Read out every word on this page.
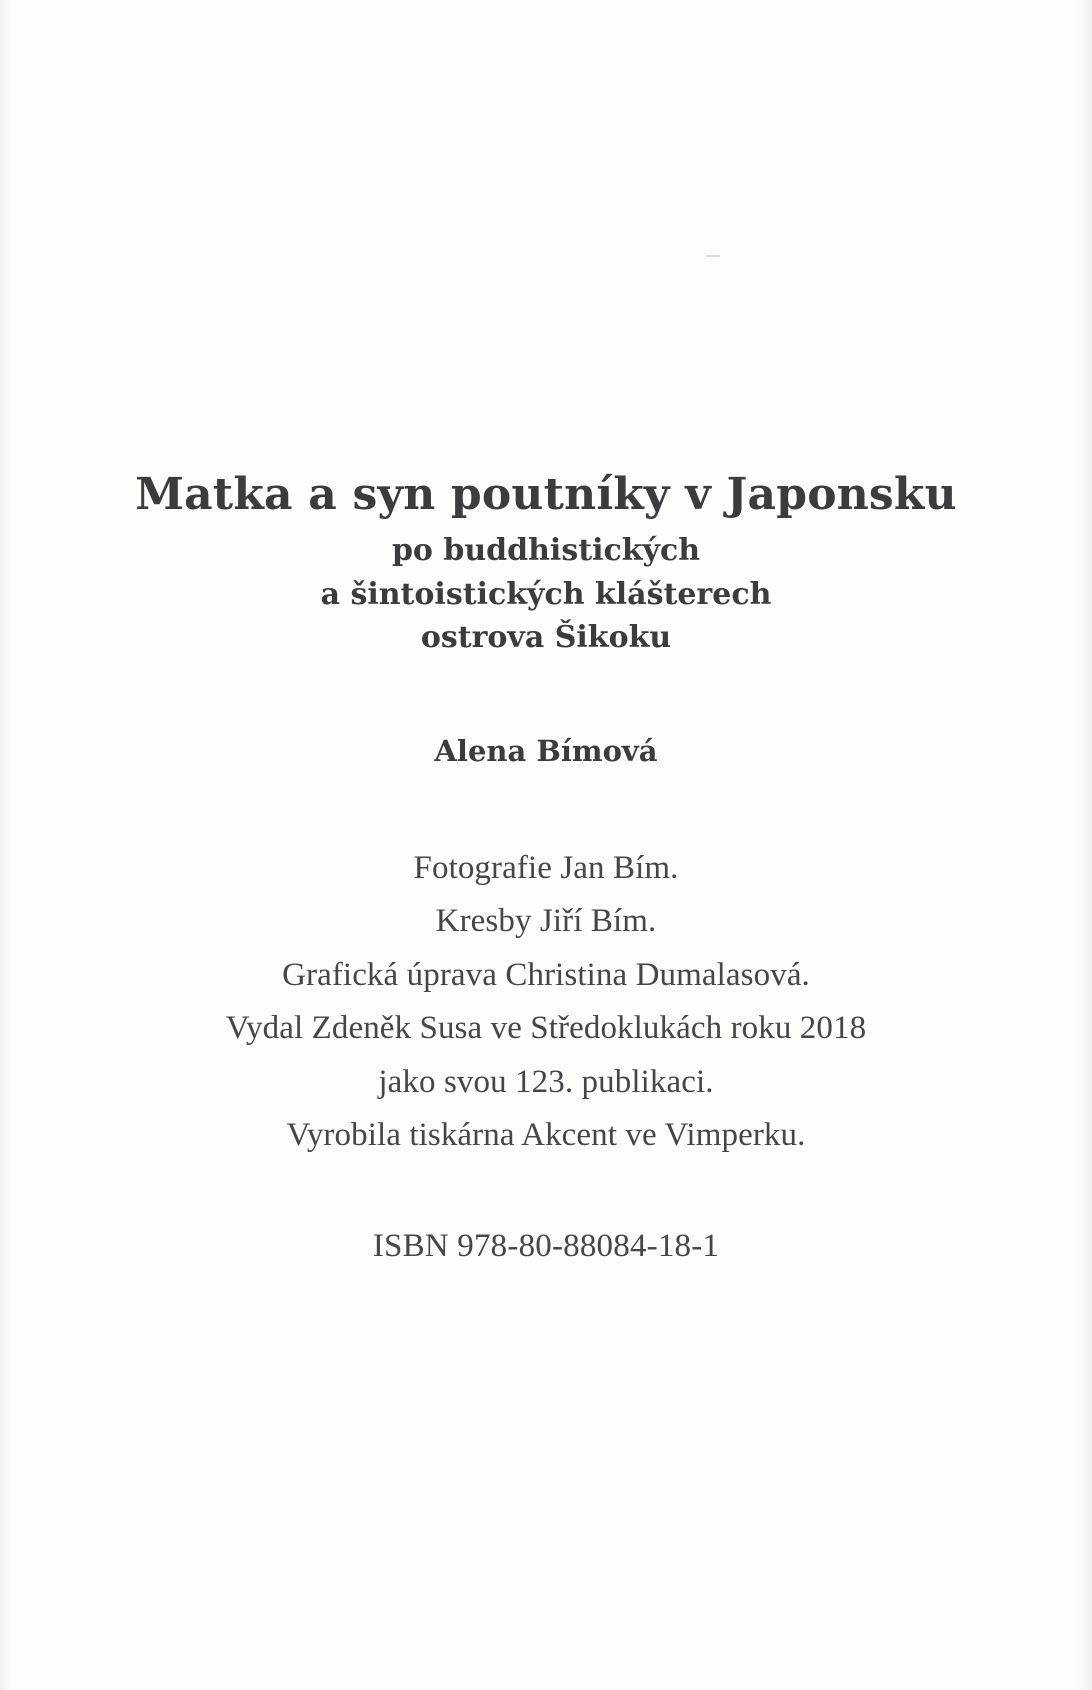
Matka a syn poutníky v Japonsku

po buddhistických

a šintoistických klášterech

ostrova Šikoku

Alena Bímová

Fotografie Jan Bím.

Kresby Jiří Bím.

Grafická úprava Christina Dumalasová.

Vydal Zdeněk Susa ve Středoklukách roku 2018

jako svou 123. publikaci.

Vyrobila tiskárna Akcent ve Vimperku.

ISBN 978-80-88084-18-1
